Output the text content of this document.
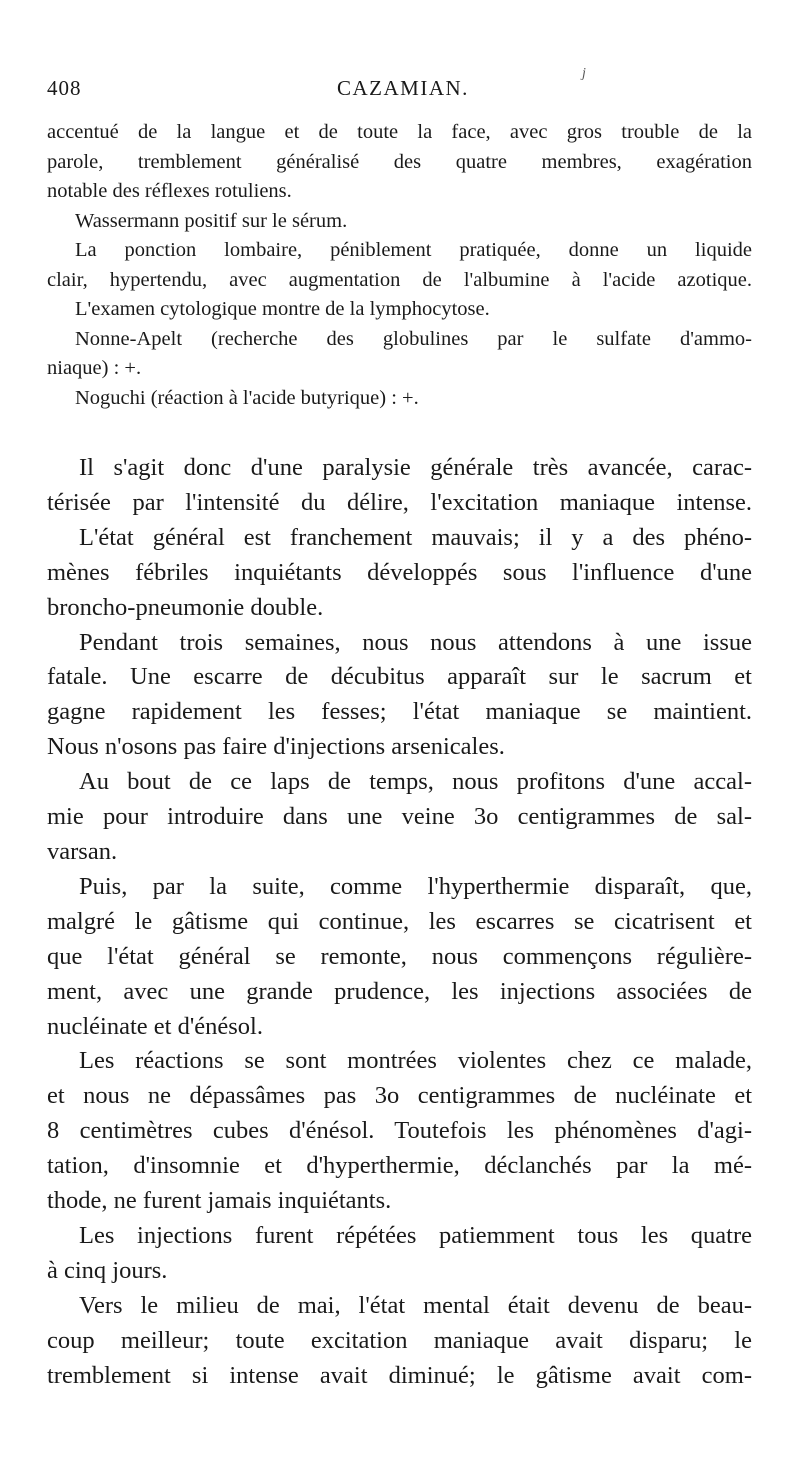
408	CAZAMIAN.
j

accentué de la langue et de toute la face, avec gros trouble de la
parole, tremblement généralisé des quatre membres, exagération
notable des réflexes rotuliens.

Wassermann positif sur le sérum.

La ponction lombaire, péniblement pratiquée, donne un liquide
clair, hypertendu, avec augmentation de l'albumine à l'acide azotique.

L'examen cytologique montre de la lymphocytose.

Nonne-Apelt (recherche des globulines par le sulfate d'ammo-
niaque) : +.

Noguchi (réaction à l'acide butyrique) : +.

Il s'agit donc d'une paralysie générale très avancée, carac-
térisée par l'intensité du délire, l'excitation maniaque intense.

L'état général est franchement mauvais; il y a des phéno-
mènes fébriles inquiétants développés sous l'influence d'une
broncho-pneumonie double.

Pendant trois semaines, nous nous attendons à une issue
fatale. Une escarre de décubitus apparaît sur le sacrum et
gagne rapidement les fesses; l'état maniaque se maintient.
Nous n'osons pas faire d'injections arsenicales.

Au bout de ce laps de temps, nous profitons d'une accal-
mie pour introduire dans une veine 3o centigrammes de sal-
varsan.

Puis, par la suite, comme l'hyperthermie disparaît, que,
malgré le gâtisme qui continue, les escarres se cicatrisent et
que l'état général se remonte, nous commençons régulière-
ment, avec une grande prudence, les injections associées de
nucléinate et d'énésol.

Les réactions se sont montrées violentes chez ce malade,
et nous ne dépassâmes pas 3o centigrammes de nucléinate et
8 centimètres cubes d'énésol. Toutefois les phénomènes d'agi-
tation, d'insomnie et d'hyperthermie, déclanchés par la mé-
thode, ne furent jamais inquiétants.

Les injections furent répétées patiemment tous les quatre
à cinq jours.

Vers le milieu de mai, l'état mental était devenu de beau-
coup meilleur; toute excitation maniaque avait disparu; le
tremblement si intense avait diminué; le gâtisme avait com-
